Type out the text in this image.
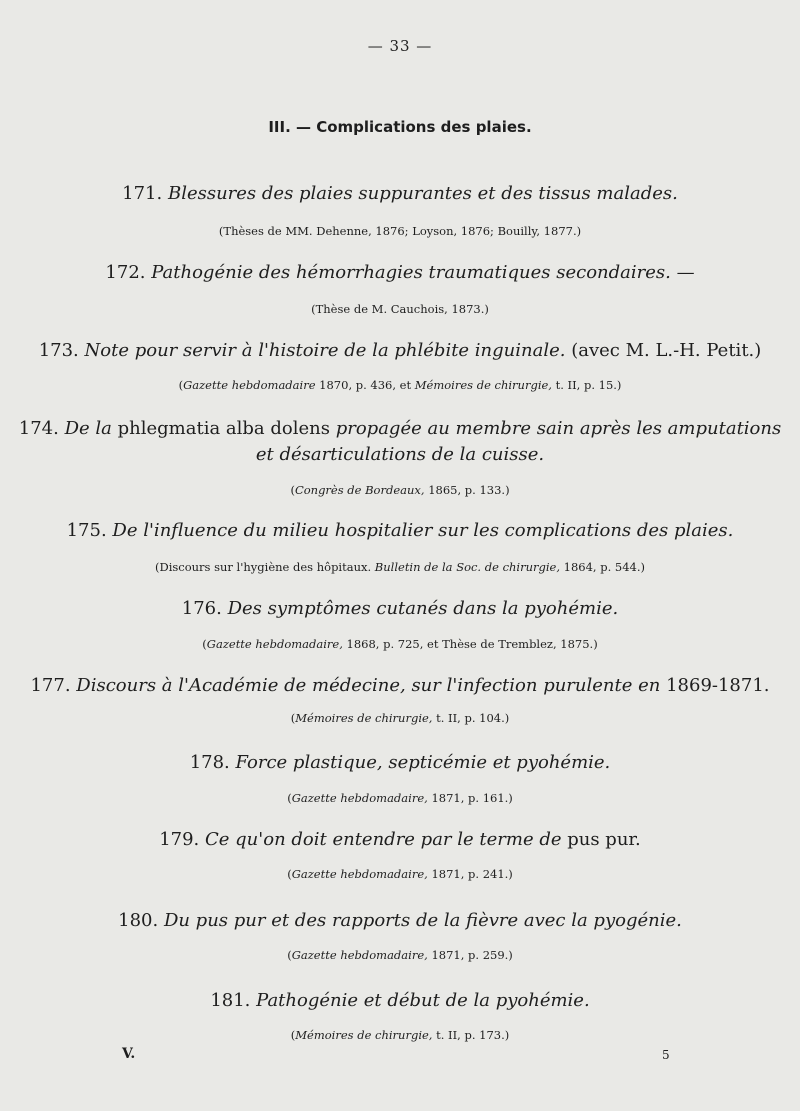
— 33 —
III. — Complications des plaies.
171. Blessures des plaies suppurantes et des tissus malades.
(Thèses de MM. Dehenne, 1876; Loyson, 1876; Bouilly, 1877.)
172. Pathogénie des hémorrhagies traumatiques secondaires. —
(Thèse de M. Cauchois, 1873.)
173. Note pour servir à l'histoire de la phlébite inguinale. (avec M. L.-H. Petit.)
(Gazette hebdomadaire 1870, p. 436, et Mémoires de chirurgie, t. II, p. 15.)
174. De la phlegmatia alba dolens propagée au membre sain après les amputations
et désarticulations de la cuisse.
(Congrès de Bordeaux, 1865, p. 133.)
175. De l'influence du milieu hospitalier sur les complications des plaies.
(Discours sur l'hygiène des hôpitaux. Bulletin de la Soc. de chirurgie, 1864, p. 544.)
176. Des symptômes cutanés dans la pyohémie.
(Gazette hebdomadaire, 1868, p. 725, et Thèse de Tremblez, 1875.)
177. Discours à l'Académie de médecine, sur l'infection purulente en 1869-1871.
(Mémoires de chirurgie, t. II, p. 104.)
178. Force plastique, septicémie et pyohémie.
(Gazette hebdomadaire, 1871, p. 161.)
179. Ce qu'on doit entendre par le terme de pus pur.
(Gazette hebdomadaire, 1871, p. 241.)
180. Du pus pur et des rapports de la fièvre avec la pyogénie.
(Gazette hebdomadaire, 1871, p. 259.)
181. Pathogénie et début de la pyohémie.
(Mémoires de chirurgie, t. II, p. 173.)
V.	5
